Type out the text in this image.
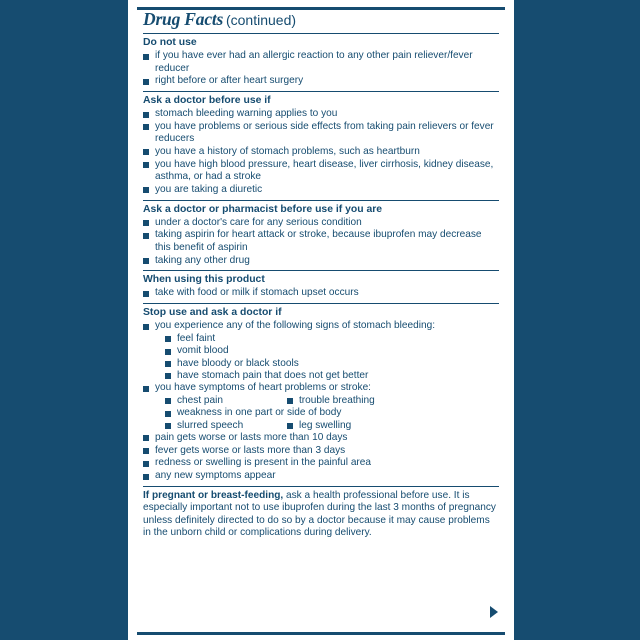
Drug Facts (continued)
Do not use
if you have ever had an allergic reaction to any other pain reliever/fever reducer
right before or after heart surgery
Ask a doctor before use if
stomach bleeding warning applies to you
you have problems or serious side effects from taking pain relievers or fever reducers
you have a history of stomach problems, such as heartburn
you have high blood pressure, heart disease, liver cirrhosis, kidney disease, asthma, or had a stroke
you are taking a diuretic
Ask a doctor or pharmacist before use if you are
under a doctor's care for any serious condition
taking aspirin for heart attack or stroke, because ibuprofen may decrease this benefit of aspirin
taking any other drug
When using this product
take with food or milk if stomach upset occurs
Stop use and ask a doctor if
you experience any of the following signs of stomach bleeding:
feel faint
vomit blood
have bloody or black stools
have stomach pain that does not get better
you have symptoms of heart problems or stroke:
chest pain	trouble breathing
weakness in one part or side of body
slurred speech	leg swelling
pain gets worse or lasts more than 10 days
fever gets worse or lasts more than 3 days
redness or swelling is present in the painful area
any new symptoms appear
If pregnant or breast-feeding, ask a health professional before use. It is especially important not to use ibuprofen during the last 3 months of pregnancy unless definitely directed to do so by a doctor because it may cause problems in the unborn child or complications during delivery.
